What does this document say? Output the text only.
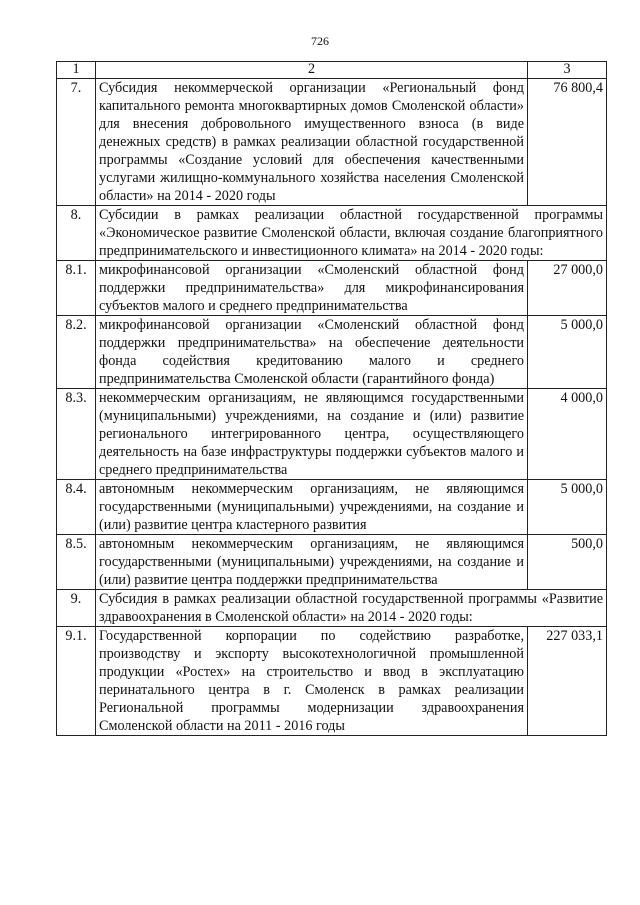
726
1	2	3
7.	Субсидия некоммерческой организации «Региональный фонд капитального ремонта многоквартирных домов Смоленской области» для внесения добровольного имущественного взноса (в виде денежных средств) в рамках реализации областной государственной программы «Создание условий для обеспечения качественными услугами жилищно-коммунального хозяйства населения Смоленской области» на 2014 - 2020 годы	76 800,4
8.	Субсидии в рамках реализации областной государственной программы «Экономическое развитие Смоленской области, включая создание благоприятного предпринимательского и инвестиционного климата» на 2014 - 2020 годы:	
8.1.	микрофинансовой организации «Смоленский областной фонд поддержки предпринимательства» для микрофинансирования субъектов малого и среднего предпринимательства	27 000,0
8.2.	микрофинансовой организации «Смоленский областной фонд поддержки предпринимательства» на обеспечение деятельности фонда содействия кредитованию малого и среднего предпринимательства Смоленской области (гарантийного фонда)	5 000,0
8.3.	некоммерческим организациям, не являющимся государственными (муниципальными) учреждениями, на создание и (или) развитие регионального интегрированного центра, осуществляющего деятельность на базе инфраструктуры поддержки субъектов малого и среднего предпринимательства	4 000,0
8.4.	автономным некоммерческим организациям, не являющимся государственными (муниципальными) учреждениями, на создание и (или) развитие центра кластерного развития	5 000,0
8.5.	автономным некоммерческим организациям, не являющимся государственными (муниципальными) учреждениями, на создание и (или) развитие центра поддержки предпринимательства	500,0
9.	Субсидия в рамках реализации областной государственной программы «Развитие здравоохранения в Смоленской области» на 2014 - 2020 годы:	
9.1.	Государственной корпорации по содействию разработке, производству и экспорту высокотехнологичной промышленной продукции «Ростех» на строительство и ввод в эксплуатацию перинатального центра в г. Смоленск в рамках реализации Региональной программы модернизации здравоохранения Смоленской области на 2011 - 2016 годы	227 033,1
